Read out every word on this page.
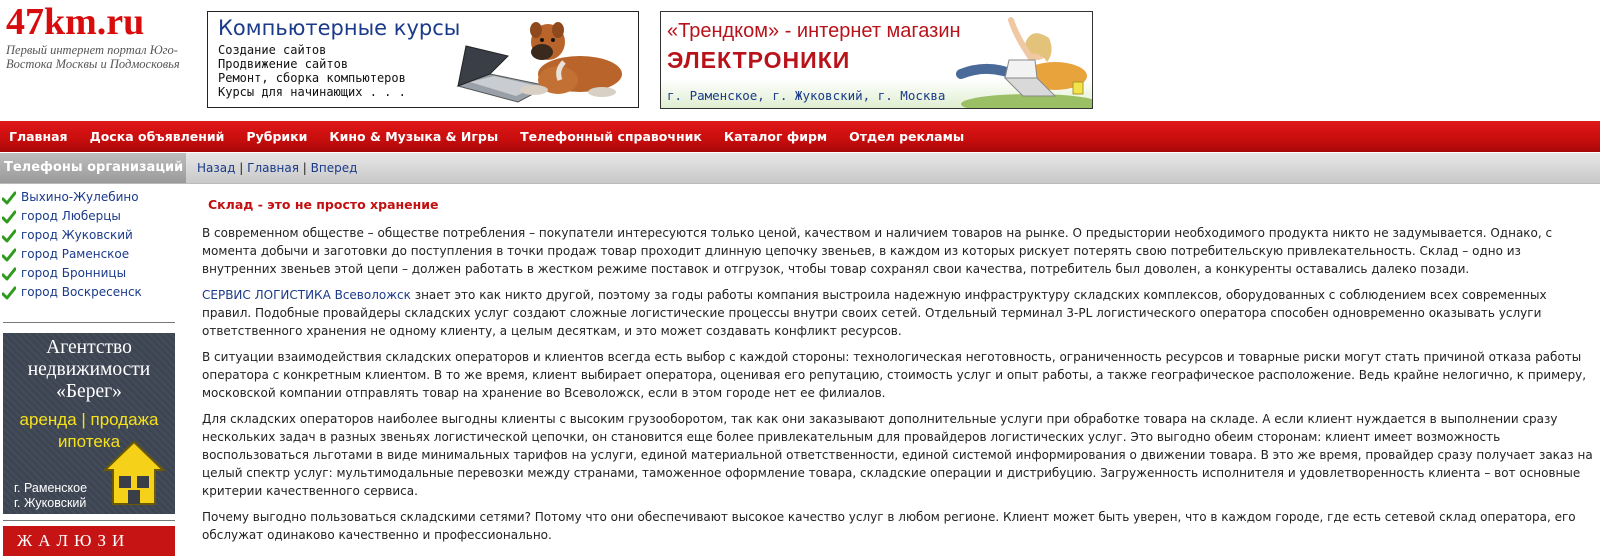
47km.ru
Первый интернет портал Юго-Востока Москвы и Подмосковья
Компьютерные курсы
Создание сайтов
Продвижение сайтов
Ремонт, сборка компьютеров
Курсы для начинающих . . .
«Трендком» - интернет магазин
ЭЛЕКТРОНИКИ
г. Раменское, г. Жуковский, г. Москва
Главная	Доска объявлений	Рубрики	Кино & Музыка & Игры	Телефонный справочник	Каталог фирм	Отдел рекламы
Телефоны организаций Назад | Главная | Вперед
Выхино-Жулебино
город Люберцы
город Жуковский
город Раменское
город Бронницы
город Воскресенск
Агентство
недвижимости
«Берег»
аренда | продажа
ипотека
г. Раменское
г. Жуковский
ЖАЛЮЗИ
Склад - это не просто хранение

В современном обществе – обществе потребления – покупатели интересуются только ценой, качеством и наличием товаров на рынке. О предыстории необходимого продукта никто не задумывается. Однако, с момента добычи и заготовки до поступления в точки продаж товар проходит длинную цепочку звеньев, в каждом из которых рискует потерять свою потребительскую привлекательность. Склад – одно из внутренних звеньев этой цепи – должен работать в жестком режиме поставок и отгрузок, чтобы товар сохранял свои качества, потребитель был доволен, а конкуренты оставались далеко позади.

СЕРВИС ЛОГИСТИКА Всеволожск знает это как никто другой, поэтому за годы работы компания выстроила надежную инфраструктуру складских комплексов, оборудованных с соблюдением всех современных правил. Подобные провайдеры складских услуг создают сложные логистические процессы внутри своих сетей. Отдельный терминал 3-PL логистического оператора способен одновременно оказывать услуги ответственного хранения не одному клиенту, а целым десяткам, и это может создавать конфликт ресурсов.

В ситуации взаимодействия складских операторов и клиентов всегда есть выбор с каждой стороны: технологическая неготовность, ограниченность ресурсов и товарные риски могут стать причиной отказа работы оператора с конкретным клиентом. В то же время, клиент выбирает оператора, оценивая его репутацию, стоимость услуг и опыт работы, а также географическое расположение. Ведь крайне нелогично, к примеру, московской компании отправлять товар на хранение во Всеволожск, если в этом городе нет ее филиалов.

Для складских операторов наиболее выгодны клиенты с высоким грузооборотом, так как они заказывают дополнительные услуги при обработке товара на складе. А если клиент нуждается в выполнении сразу нескольких задач в разных звеньях логистической цепочки, он становится еще более привлекательным для провайдеров логистических услуг. Это выгодно обеим сторонам: клиент имеет возможность воспользоваться льготами в виде минимальных тарифов на услуги, единой материальной ответственности, единой системой информирования о движении товара. В это же время, провайдер сразу получает заказ на целый спектр услуг: мультимодальные перевозки между странами, таможенное оформление товара, складские операции и дистрибуцию. Загруженность исполнителя и удовлетворенность клиента – вот основные критерии качественного сервиса.

Почему выгодно пользоваться складскими сетями? Потому что они обеспечивают высокое качество услуг в любом регионе. Клиент может быть уверен, что в каждом городе, где есть сетевой склад оператора, его обслужат одинаково качественно и профессионально.
